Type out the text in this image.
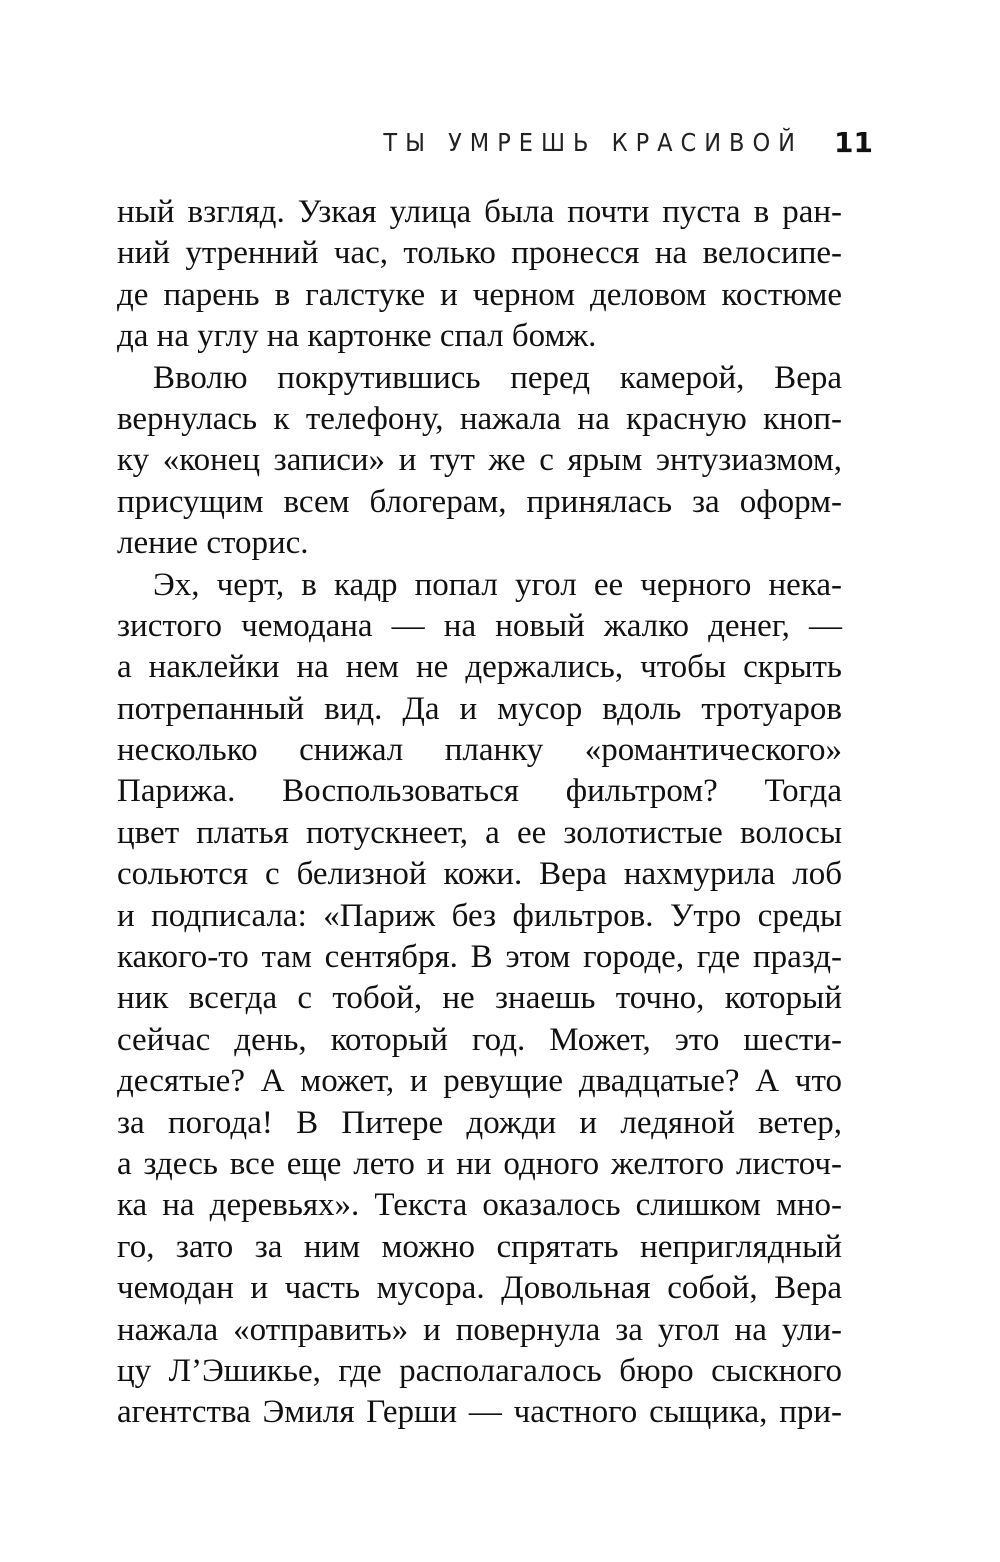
ТЫ УМРЕШЬ КРАСИВОЙ 11
ный взгляд. Узкая улица была почти пуста в ран-
ний утренний час, только пронесся на велосипе-
де парень в галстуке и черном деловом костюме
да на углу на картонке спал бомж.
Вволю покрутившись перед камерой, Вера
вернулась к телефону, нажала на красную кноп-
ку «конец записи» и тут же с ярым энтузиазмом,
присущим всем блогерам, принялась за оформ-
ление сторис.
Эх, черт, в кадр попал угол ее черного нека-
зистого чемодана — на новый жалко денег, —
а наклейки на нем не держались, чтобы скрыть
потрепанный вид. Да и мусор вдоль тротуаров
несколько снижал планку «романтического»
Парижа. Воспользоваться фильтром? Тогда
цвет платья потускнеет, а ее золотистые волосы
сольются с белизной кожи. Вера нахмурила лоб
и подписала: «Париж без фильтров. Утро среды
какого-то там сентября. В этом городе, где празд-
ник всегда с тобой, не знаешь точно, который
сейчас день, который год. Может, это шести-
десятые? А может, и ревущие двадцатые? А что
за погода! В Питере дожди и ледяной ветер,
а здесь все еще лето и ни одного желтого листоч-
ка на деревьях». Текста оказалось слишком мно-
го, зато за ним можно спрятать неприглядный
чемодан и часть мусора. Довольная собой, Вера
нажала «отправить» и повернула за угол на ули-
цу Л’Эшикье, где располагалось бюро сыскного
агентства Эмиля Герши — частного сыщика, при-
